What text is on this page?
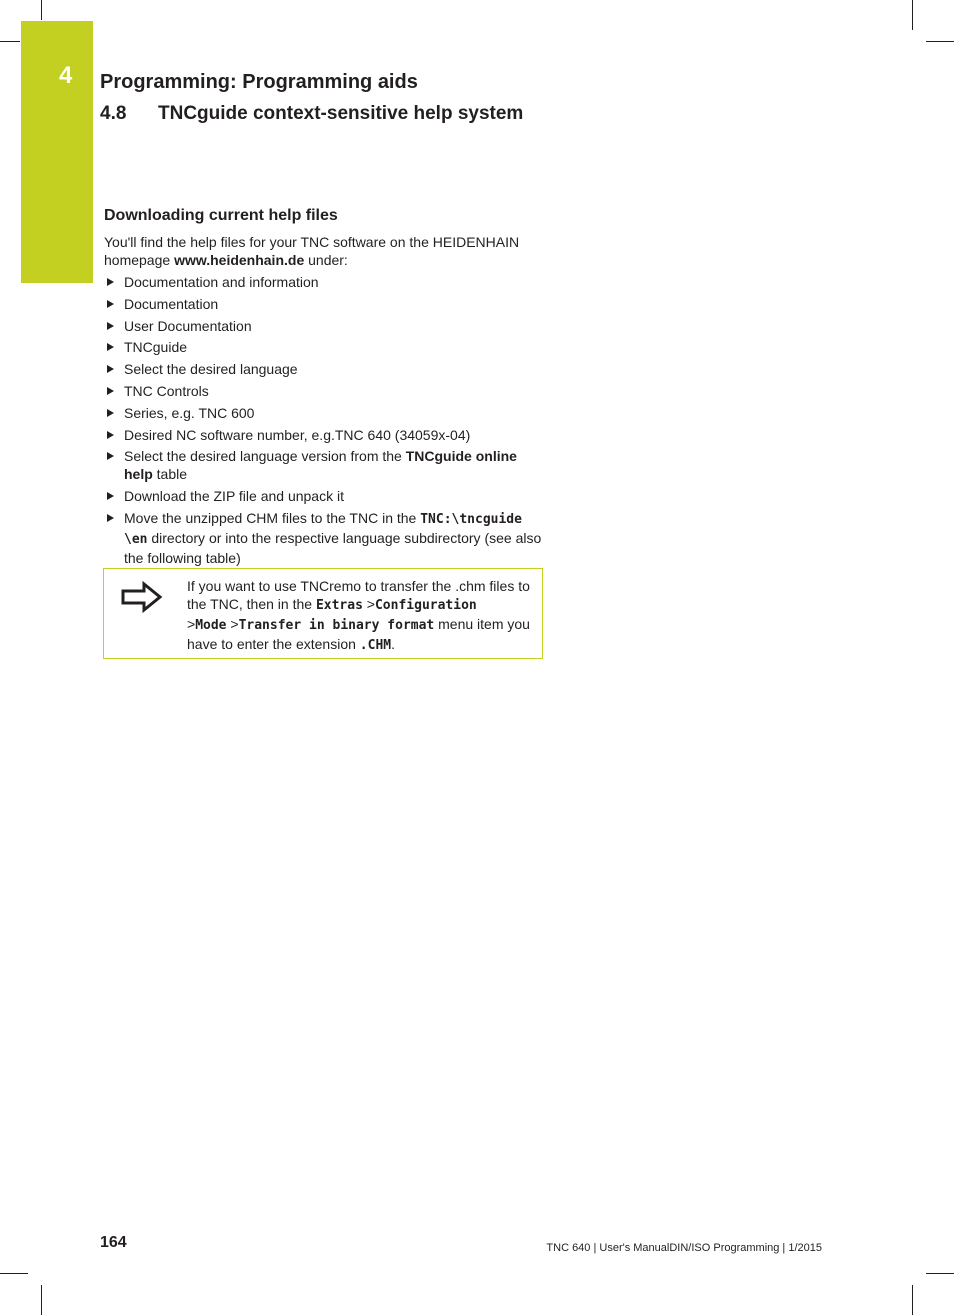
4 Programming: Programming aids
4.8 TNCguide context-sensitive help system
Downloading current help files

You'll find the help files for your TNC software on the HEIDENHAIN homepage www.heidenhain.de under:

Documentation and information
Documentation
User Documentation
TNCguide
Select the desired language
TNC Controls
Series, e.g. TNC 600
Desired NC software number, e.g.TNC 640 (34059x-04)
Select the desired language version from the TNCguide online help table
Download the ZIP file and unpack it
Move the unzipped CHM files to the TNC in the TNC:\tncguide \en directory or into the respective language subdirectory (see also the following table)
If you want to use TNCremo to transfer the .chm files to the TNC, then in the Extras >Configuration
>Mode >Transfer in binary format menu item you have to enter the extension .CHM.
164	TNC 640 | User's ManualDIN/ISO Programming | 1/2015
